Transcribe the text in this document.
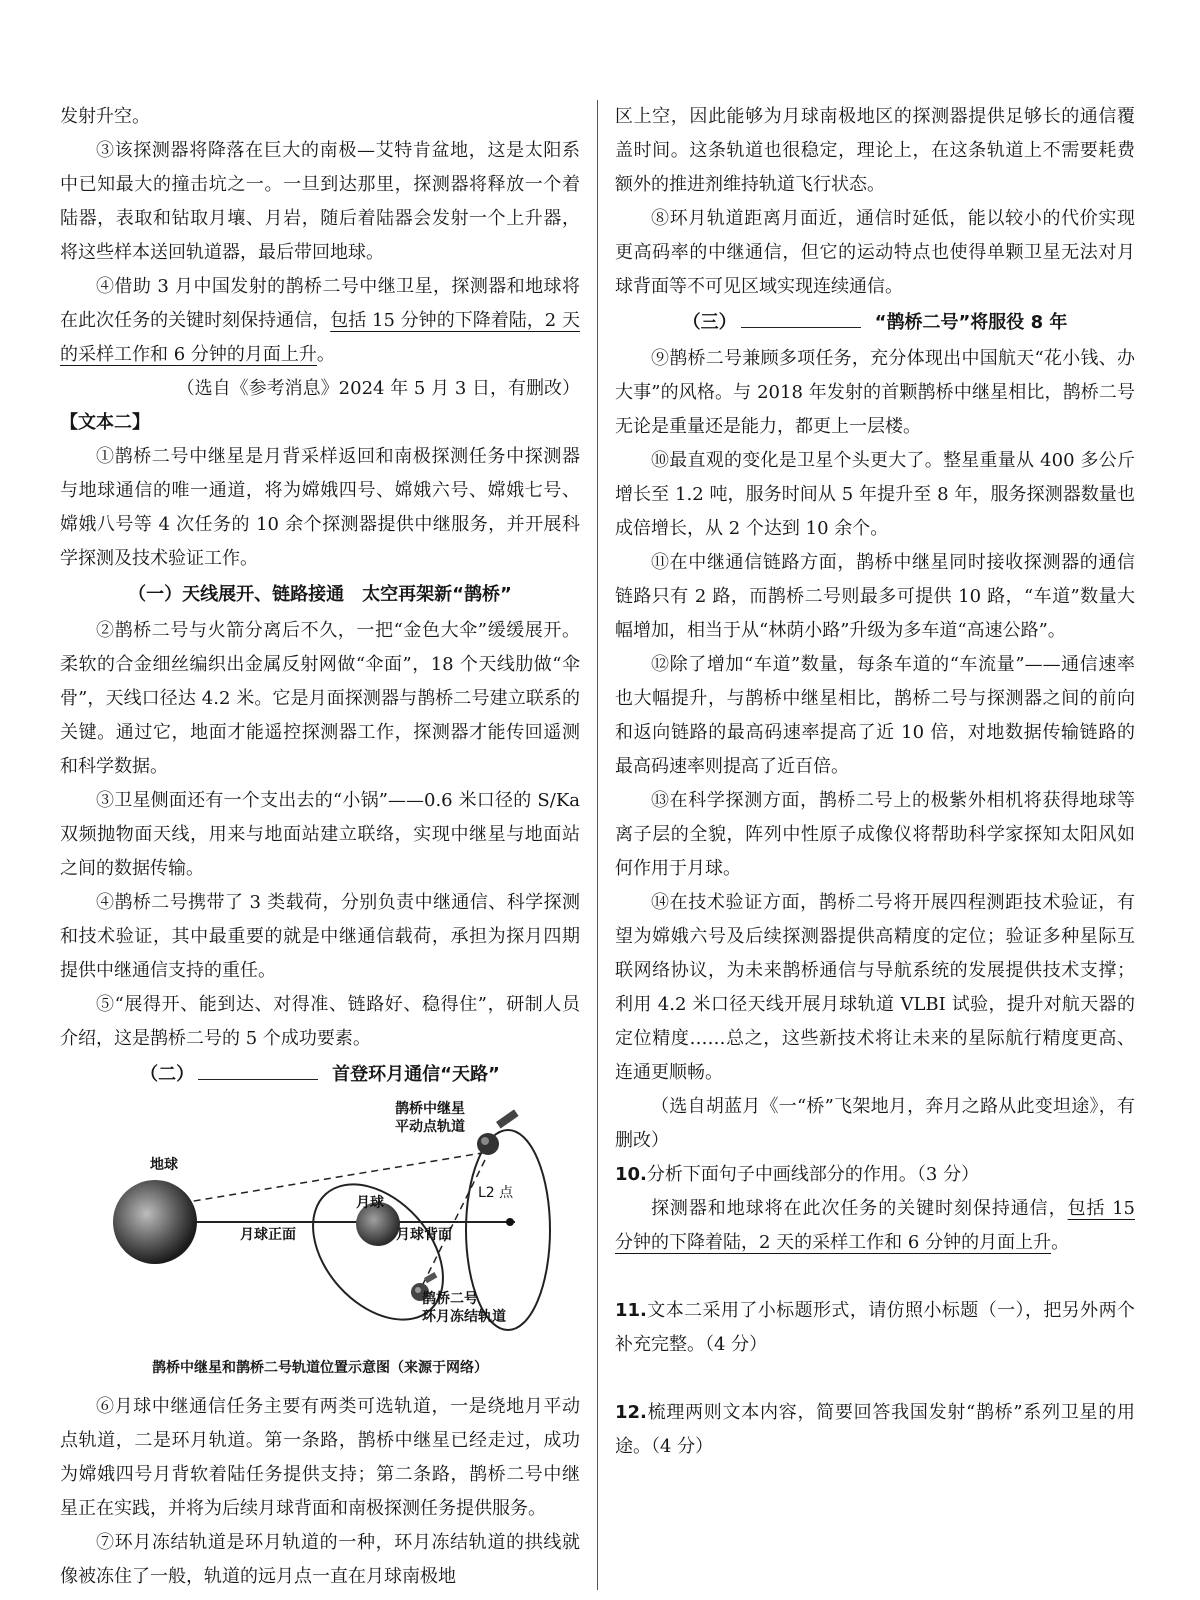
发射升空。

③该探测器将降落在巨大的南极—艾特肯盆地，这是太阳系中已知最大的撞击坑之一。一旦到达那里，探测器将释放一个着陆器，表取和钻取月壤、月岩，随后着陆器会发射一个上升器，将这些样本送回轨道器，最后带回地球。

④借助 3 月中国发射的鹊桥二号中继卫星，探测器和地球将在此次任务的关键时刻保持通信，包括 15 分钟的下降着陆，2 天的采样工作和 6 分钟的月面上升。

（选自《参考消息》2024 年 5 月 3 日，有删改）

【文本二】

①鹊桥二号中继星是月背采样返回和南极探测任务中探测器与地球通信的唯一通道，将为嫦娥四号、嫦娥六号、嫦娥七号、嫦娥八号等 4 次任务的 10 余个探测器提供中继服务，并开展科学探测及技术验证工作。

（一）天线展开、链路接通　太空再架新“鹊桥”

②鹊桥二号与火箭分离后不久，一把“金色大伞”缓缓展开。柔软的合金细丝编织出金属反射网做“伞面”，18 个天线肋做“伞骨”，天线口径达 4.2 米。它是月面探测器与鹊桥二号建立联系的关键。通过它，地面才能遥控探测器工作，探测器才能传回遥测和科学数据。

③卫星侧面还有一个支出去的“小锅”——0.6 米口径的 S/Ka 双频抛物面天线，用来与地面站建立联络，实现中继星与地面站之间的数据传输。

④鹊桥二号携带了 3 类载荷，分别负责中继通信、科学探测和技术验证，其中最重要的就是中继通信载荷，承担为探月四期提供中继通信支持的重任。

⑤“展得开、能到达、对得准、链路好、稳得住”，研制人员介绍，这是鹊桥二号的 5 个成功要素。

（二）	首登环月通信“天路”

鹊桥中继星
平动点轨道
地球
月球
L2 点
月球正面	月球背面
鹊桥二号
环月冻结轨道

鹊桥中继星和鹊桥二号轨道位置示意图（来源于网络）

⑥月球中继通信任务主要有两类可选轨道，一是绕地月平动点轨道，二是环月轨道。第一条路，鹊桥中继星已经走过，成功为嫦娥四号月背软着陆任务提供支持；第二条路，鹊桥二号中继星正在实践，并将为后续月球背面和南极探测任务提供服务。

⑦环月冻结轨道是环月轨道的一种，环月冻结轨道的拱线就像被冻住了一般，轨道的远月点一直在月球南极地

区上空，因此能够为月球南极地区的探测器提供足够长的通信覆盖时间。这条轨道也很稳定，理论上，在这条轨道上不需要耗费额外的推进剂维持轨道飞行状态。

⑧环月轨道距离月面近，通信时延低，能以较小的代价实现更高码率的中继通信，但它的运动特点也使得单颗卫星无法对月球背面等不可见区域实现连续通信。

（三）	“鹊桥二号”将服役 8 年

⑨鹊桥二号兼顾多项任务，充分体现出中国航天“花小钱、办大事”的风格。与 2018 年发射的首颗鹊桥中继星相比，鹊桥二号无论是重量还是能力，都更上一层楼。

⑩最直观的变化是卫星个头更大了。整星重量从 400 多公斤增长至 1.2 吨，服务时间从 5 年提升至 8 年，服务探测器数量也成倍增长，从 2 个达到 10 余个。

⑪在中继通信链路方面，鹊桥中继星同时接收探测器的通信链路只有 2 路，而鹊桥二号则最多可提供 10 路，“车道”数量大幅增加，相当于从“林荫小路”升级为多车道“高速公路”。

⑫除了增加“车道”数量，每条车道的“车流量”——通信速率也大幅提升，与鹊桥中继星相比，鹊桥二号与探测器之间的前向和返向链路的最高码速率提高了近 10 倍，对地数据传输链路的最高码速率则提高了近百倍。

⑬在科学探测方面，鹊桥二号上的极紫外相机将获得地球等离子层的全貌，阵列中性原子成像仪将帮助科学家探知太阳风如何作用于月球。

⑭在技术验证方面，鹊桥二号将开展四程测距技术验证，有望为嫦娥六号及后续探测器提供高精度的定位；验证多种星际互联网络协议，为未来鹊桥通信与导航系统的发展提供技术支撑；利用 4.2 米口径天线开展月球轨道 VLBI 试验，提升对航天器的定位精度……总之，这些新技术将让未来的星际航行精度更高、连通更顺畅。

（选自胡蓝月《一“桥”飞架地月，奔月之路从此变坦途》，有删改）

10.分析下面句子中画线部分的作用。（3 分）

探测器和地球将在此次任务的关键时刻保持通信，包括 15 分钟的下降着陆，2 天的采样工作和 6 分钟的月面上升。

11.文本二采用了小标题形式，请仿照小标题（一），把另外两个补充完整。（4 分）

12.梳理两则文本内容，简要回答我国发射“鹊桥”系列卫星的用途。（4 分）
